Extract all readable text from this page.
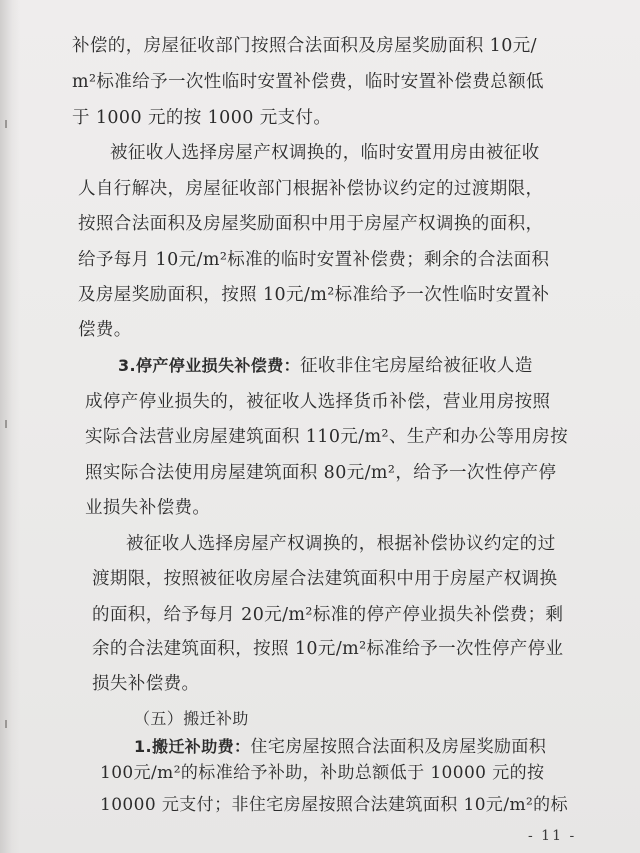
补偿的，房屋征收部门按照合法面积及房屋奖励面积 10元/
m²标准给予一次性临时安置补偿费，临时安置补偿费总额低
于 1000 元的按 1000 元支付。
被征收人选择房屋产权调换的，临时安置用房由被征收
人自行解决，房屋征收部门根据补偿协议约定的过渡期限，
按照合法面积及房屋奖励面积中用于房屋产权调换的面积，
给予每月 10元/m²标准的临时安置补偿费；剩余的合法面积
及房屋奖励面积，按照 10元/m²标准给予一次性临时安置补
偿费。
3.停产停业损失补偿费：征收非住宅房屋给被征收人造
成停产停业损失的，被征收人选择货币补偿，营业用房按照
实际合法营业房屋建筑面积 110元/m²、生产和办公等用房按
照实际合法使用房屋建筑面积 80元/m²，给予一次性停产停
业损失补偿费。
被征收人选择房屋产权调换的，根据补偿协议约定的过
渡期限，按照被征收房屋合法建筑面积中用于房屋产权调换
的面积，给予每月 20元/m²标准的停产停业损失补偿费；剩
余的合法建筑面积，按照 10元/m²标准给予一次性停产停业
损失补偿费。
（五）搬迁补助
1.搬迁补助费：住宅房屋按照合法面积及房屋奖励面积
100元/m²的标准给予补助，补助总额低于 10000 元的按
10000 元支付；非住宅房屋按照合法建筑面积 10元/m²的标
- 11 -
